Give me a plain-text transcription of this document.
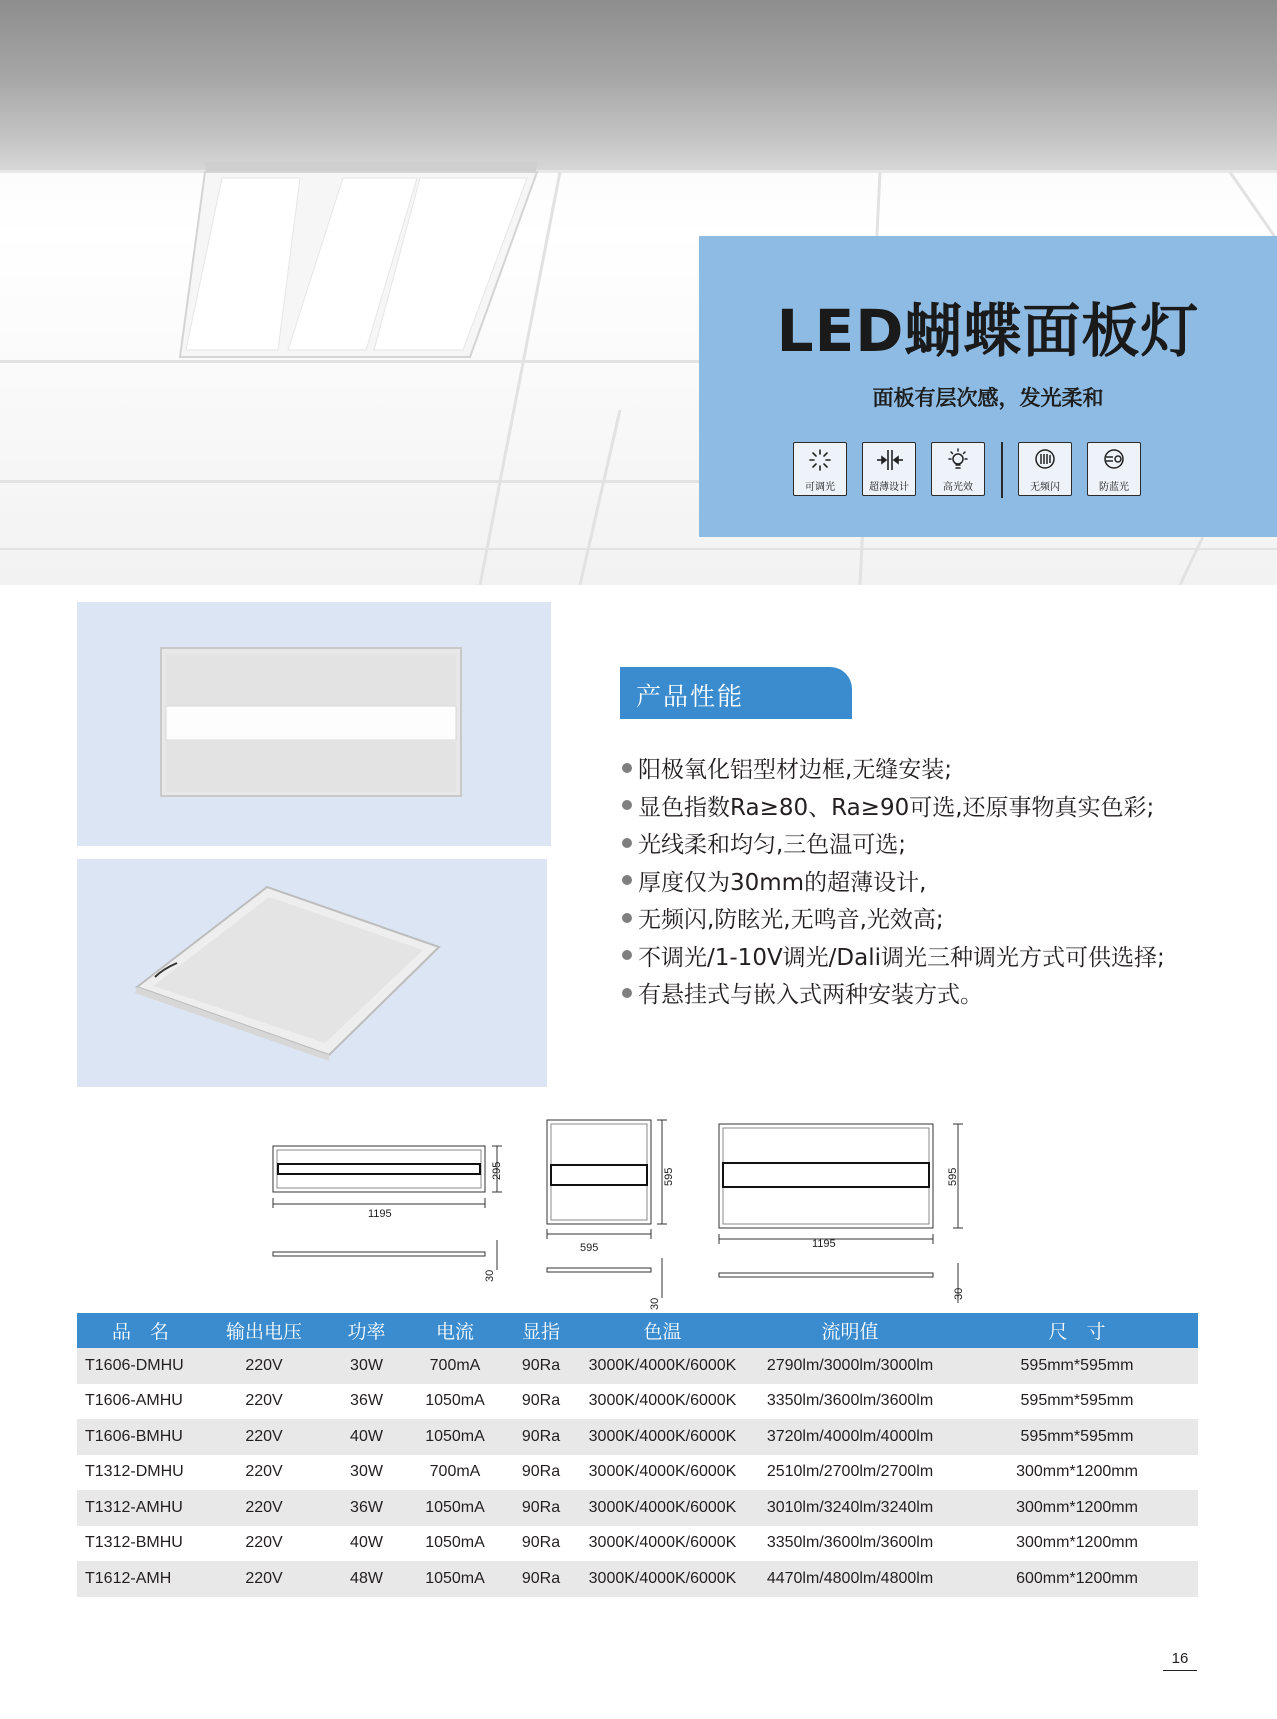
LED蝴蝶面板灯
面板有层次感，发光柔和
可调光	超薄设计	高光效	无频闪	防蓝光
产品性能
阳极氧化铝型材边框,无缝安装;
显色指数Ra≥80、Ra≥90可选,还原事物真实色彩;
光线柔和均匀,三色温可选;
厚度仅为30mm的超薄设计,
无频闪,防眩光,无鸣音,光效高;
不调光/1-10V调光/Dali调光三种调光方式可供选择;
有悬挂式与嵌入式两种安装方式。
1195
295
30
595
595
30
1195
595
30
品　名	输出电压	功率	电流	显指	色温	流明值	尺　寸
T1606-DMHU	220V	30W	700mA	90Ra	3000K/4000K/6000K	2790lm/3000lm/3000lm	595mm*595mm
T1606-AMHU	220V	36W	1050mA	90Ra	3000K/4000K/6000K	3350lm/3600lm/3600lm	595mm*595mm
T1606-BMHU	220V	40W	1050mA	90Ra	3000K/4000K/6000K	3720lm/4000lm/4000lm	595mm*595mm
T1312-DMHU	220V	30W	700mA	90Ra	3000K/4000K/6000K	2510lm/2700lm/2700lm	300mm*1200mm
T1312-AMHU	220V	36W	1050mA	90Ra	3000K/4000K/6000K	3010lm/3240lm/3240lm	300mm*1200mm
T1312-BMHU	220V	40W	1050mA	90Ra	3000K/4000K/6000K	3350lm/3600lm/3600lm	300mm*1200mm
T1612-AMH	220V	48W	1050mA	90Ra	3000K/4000K/6000K	4470lm/4800lm/4800lm	600mm*1200mm
16
